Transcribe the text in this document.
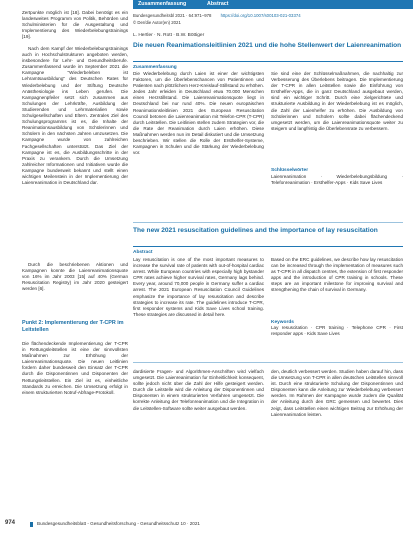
Zertpunkte möglich ist [18]. Dabei benötigt es ein landesweites Programm von Politik, Behörden und Schulministerien für die Ausgestaltung und Implementierung des Wiederbelebungstrainings [19].

Nach dem Kampf der Wiederbelebungstrainings auch in Hochschulstrukturen angeboten werden, insbesondere für Lehr- und Gesundheitsberufe. Zusammenfassend wurde im September 2021 die Kampagne "Wiederbeleben ist Lehramtsausbildung" des Deutschen Rates für Wiederbelebung und der Stiftung Deutsche Anästhesiologie ins Leben gerufen. Die Kampagnenpfeiler setzt sich zusammen aus Schulungen der Lehrkräfte, Ausbildung der Studierenden und Lehrmaterialien sowie Schulgesellschaften und Eltern. Zentrales Ziel des Schulungsprogramms ist es, die Inhalte der Reanimationsausbildung von Schülerinnen und Schülern in den nächsten Jahren umzusetzen. Die Kampagne wurde von zahlreichen Fachgesellschaften unterstützt. Das Ziel der Kampagne ist es, die Ausbildungsschritte in der Praxis zu verankern. Durch die Umsetzung zahlreicher Informationen und Initiativen wurde die Kampagne bundesweit bekannt und stellt einen wichtigen Meilenstein in der Implementierung der Laienreanimation in Deutschland dar.

Durch die beschriebenen Aktionen und Kampagnen konnte die Laienreanimationsquote von 16% im Jahr 2003 [15] auf 40% (German Resuscitation Registry) im Jahr 2020 gesteigert werden [6].

Punkt 2: Implementierung der T-CPR im Leitstellen

Die flächendeckende Implementierung der T-CPR in Rettungsleitstellen ist eine der sinnvollsten Maßnahmen zur Erhöhung der Laienreanimationsquote. Die neuen Leitlinien fordern daher bundesweit den Einsatz der T-CPR durch die Disponentinnen und Disponenten der Rettungsleitstellen. Ein Ziel ist es, einheitliche Standards zu erreichen. Die Umsetzung erfolgt in einem strukturierten Notruf-Abfrage-Protokoll.

Zusammenfassung	Abstract
Bundesgesundheitsbl 2021 · 64:971–978 https://doi.org/10.1007/s00103-021-03374
© Der/die Autor(en) 2021
L. Hertler · N. Rott · B.W. Böttiger
Die neuen Reanimationsleitlinien 2021 und die hohe Stellenwert der Laienreanimation
Zusammenfassung
Die Wiederbelebung durch Laien ist einer der wichtigsten Faktoren, um die Überlebenschancen von Patientinnen und Patienten nach plötzlichem Herz-Kreislauf-Stillstand zu erhöhen. Jedes Jahr erleiden in Deutschland etwa 70.000 Menschen einen Herzstillstand. Die Laienreanimationsquote liegt in Deutschland bei nur rund 40%. Die neuen europäischen Reanimationsleitlinien 2021 des European Resuscitation Council betonen die Laienreanimation mit Telefon-CPR (T-CPR) durch Leitstellen. Die Leitlinien stellen zudem Strategien vor, die die Rate der Reanimation durch Laien erhöhen. Diese Maßnahmen werden nun im Detail diskutiert und die Umsetzung beschrieben. Wir stellen die Rolle der Ersthelfer-Systeme, Kampagnen in Schulen und die Stärkung der Wiederbelebung vor.
Sie sind eine der Schlüsselmaßnahmen, die nachhaltig zur Verbesserung des Überlebens beitragen. Die Implementierung der T-CPR in allen Leitstellen sowie die Einführung von Ersthelfer-Apps, die in ganz Deutschland ausgebaut werden, sind ein wichtiger Schritt. Durch eine zielgerichtete und strukturierte Ausbildung in der Wiederbelebung ist es möglich, die Zahl der Laienhelfer zu erhöhen. Die Ausbildung von Schülerinnen und Schülern sollte dabei flächendeckend umgesetzt werden, um die Laienreanimationsquote weiter zu steigern und langfristig die Überlebensrate zu verbessern.
Schlüsselwörter
Laienreanimation · Wiederbelebungsbildung · Telefonreanimation · Ersthelfer-Apps · Kids Save Lives
The new 2021 resuscitation guidelines and the importance of lay resuscitation
Abstract
Lay resuscitation is one of the most important measures to increase the survival rate of patients with out-of-hospital cardiac arrest. While European countries with especially high bystander CPR rates achieve higher survival rates, Germany lags behind. Every year, around 70,000 people in Germany suffer a cardiac arrest. The 2021 European Resuscitation Council Guidelines emphasize the importance of lay resuscitation and describe strategies to increase its rate. The guidelines introduce T-CPR, first responder systems and Kids Save Lives school training. These strategies are discussed in detail here.
Based on the ERC guidelines, we describe how lay resuscitation can be increased through the implementation of measures such as T-CPR in all dispatch centres, the extension of first responder apps and the introduction of CPR training in schools. These steps are an important milestone for improving survival and strengthening the chain of survival in Germany.
Keywords
Lay resuscitation · CPR training · Telephone CPR · First responder apps · Kids Save Lives
dardisierte Fragen- und Algorithmen-Anschriften wird vielfach umgesetzt. Die Laienreanimation fur Einheitlichkeit konsequent, sollte jedoch nicht über die Zahl der Hilfe gesteigert werden. Durch die Leitstelle wird die Anleitung der Disponentinnen und Disponenten in einem strukturierten Verfahren umgesetzt. Die korrekte Anleitung der Telefonreanimation und die Integration in die Leitstellen-Software sollte weiter ausgebaut werden.
den, deutlich verbessert werden. Studien haben darauf hin, dass die Umsetzung von T-CPR in allen deutschen Leitstellen sinnvoll ist. Durch eine strukturierte Schulung der Disponentinnen und Disponenten kann die Anleitung zur Wiederbelebung verbessert werden. Im Rahmen der Kampagne wurde zudem die Qualität der Anleitung durch den GRC gemessen und bewertet. Dies zeigt, dass Leitstellen einen wichtigen Beitrag zur Erhöhung der Laienreanimation leisten.
974	Bundesgesundheitsblatt - Gesundheitsforschung - Gesundheitsschutz 10 · 2021
